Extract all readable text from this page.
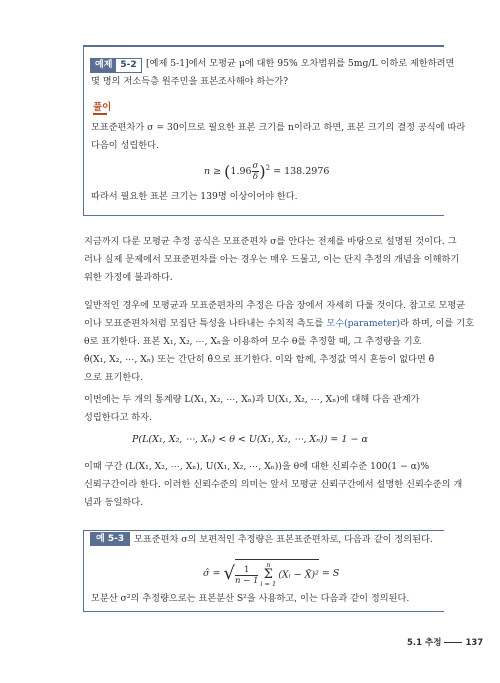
예제 5-2	[예제 5-1]에서 모평균 μ에 대한 95% 오차범위를 5mg/L 이하로 제한하려면
몇 명의 저소득층 원주민을 표본조사해야 하는가?
풀이
모표준편차가 σ = 30이므로 필요한 표본 크기를 n이라고 하면, 표본 크기의 결정 공식에 따라
다음이 성립한다.
$n \ge (1.96 \frac{\sigma}{\delta} )^2 = 138.2976$
따라서 필요한 표본 크기는 139명 이상이어야 한다.
지금까지 다룬 모평균 추정 공식은 모표준편차 σ를 안다는 전제를 바탕으로 설명된 것이다. 그
러나 실제 문제에서 모표준편차를 아는 경우는 매우 드물고, 이는 단지 추정의 개념을 이해하기
위한 가정에 불과하다.
일반적인 경우에 모평균과 모표준편차의 추정은 다음 장에서 자세히 다룰 것이다. 참고로 모평균
이나 모표준편차처럼 모집단 특성을 나타내는 수치적 측도를 모수(parameter)라 하며, 이를 기호
θ로 표기한다. 표본 X₁, X₂, ⋯, Xₙ을 이용하여 모수 θ를 추정할 때, 그 추정량을 기호
θ̂(X₁, X₂, ⋯, Xₙ) 또는 간단히 θ̂으로 표기한다. 이와 함께, 추정값 역시 혼동이 없다면 θ̂
으로 표기한다.
이번에는 두 개의 통계량 L(X₁, X₂, ⋯, Xₙ)과 U(X₁, X₂, ⋯, Xₙ)에 대해 다음 관계가
성립한다고 하자.
P(L(X₁, X₂, ⋯, Xₙ) < θ < U(X₁, X₂, ⋯, Xₙ)) = 1 − α
이때 구간 (L(X₁, X₂, ⋯, Xₙ), U(X₁, X₂, ⋯, Xₙ))을 θ에 대한 신뢰수준 100(1 − α)%
신뢰구간이라 한다. 이러한 신뢰수준의 의미는 앞서 모평균 신뢰구간에서 설명한 신뢰수준의 개
념과 동일하다.
예 5-3	모표준편차 σ의 보편적인 추정량은 표본표준편차로, 다음과 같이 정의된다.
σ̂ = √ $\frac{1}{n - 1}$	n
Σ
i = 1
(Xᵢ − X̄)² = S
모분산 σ²의 추정량으로는 표본분산 S²을 사용하고, 이는 다음과 같이 정의된다.
5.1 추정	137
